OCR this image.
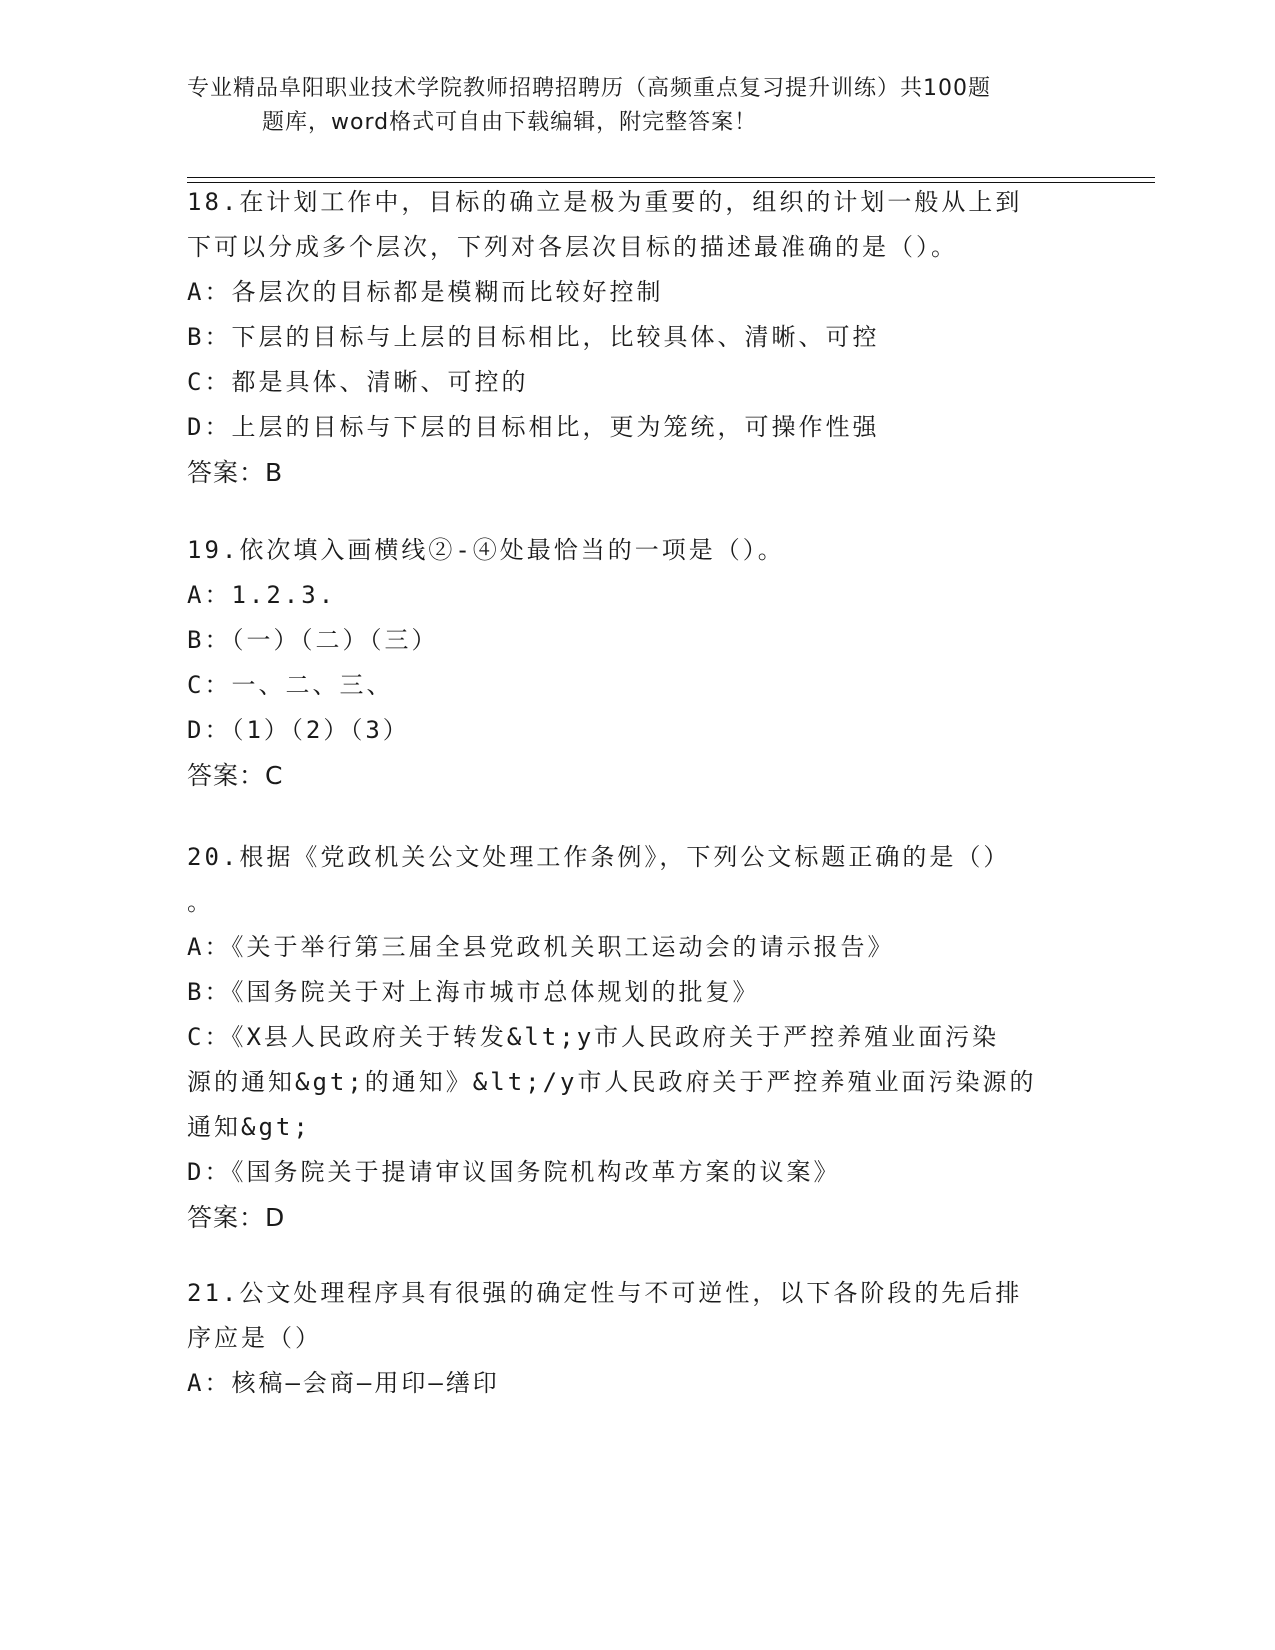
专业精品阜阳职业技术学院教师招聘招聘历（高频重点复习提升训练）共100题
题库，word格式可自由下载编辑，附完整答案！
18.在计划工作中，目标的确立是极为重要的，组织的计划一般从上到
下可以分成多个层次，下列对各层次目标的描述最准确的是（）。
A：各层次的目标都是模糊而比较好控制
B：下层的目标与上层的目标相比，比较具体、清晰、可控
C：都是具体、清晰、可控的
D：上层的目标与下层的目标相比，更为笼统，可操作性强
答案：B
19.依次填入画横线②-④处最恰当的一项是（）。
A：1.2.3.
B：（一）（二）（三）
C：一、二、三、
D：（1）（2）（3）
答案：C
20.根据《党政机关公文处理工作条例》，下列公文标题正确的是（）
。
A：《关于举行第三届全县党政机关职工运动会的请示报告》
B：《国务院关于对上海市城市总体规划的批复》
C：《X县人民政府关于转发&lt;y市人民政府关于严控养殖业面污染
源的通知&gt;的通知》&lt;/y市人民政府关于严控养殖业面污染源的
通知&gt;
D：《国务院关于提请审议国务院机构改革方案的议案》
答案：D
21.公文处理程序具有很强的确定性与不可逆性，以下各阶段的先后排
序应是（）
A：核稿—会商—用印—缮印
